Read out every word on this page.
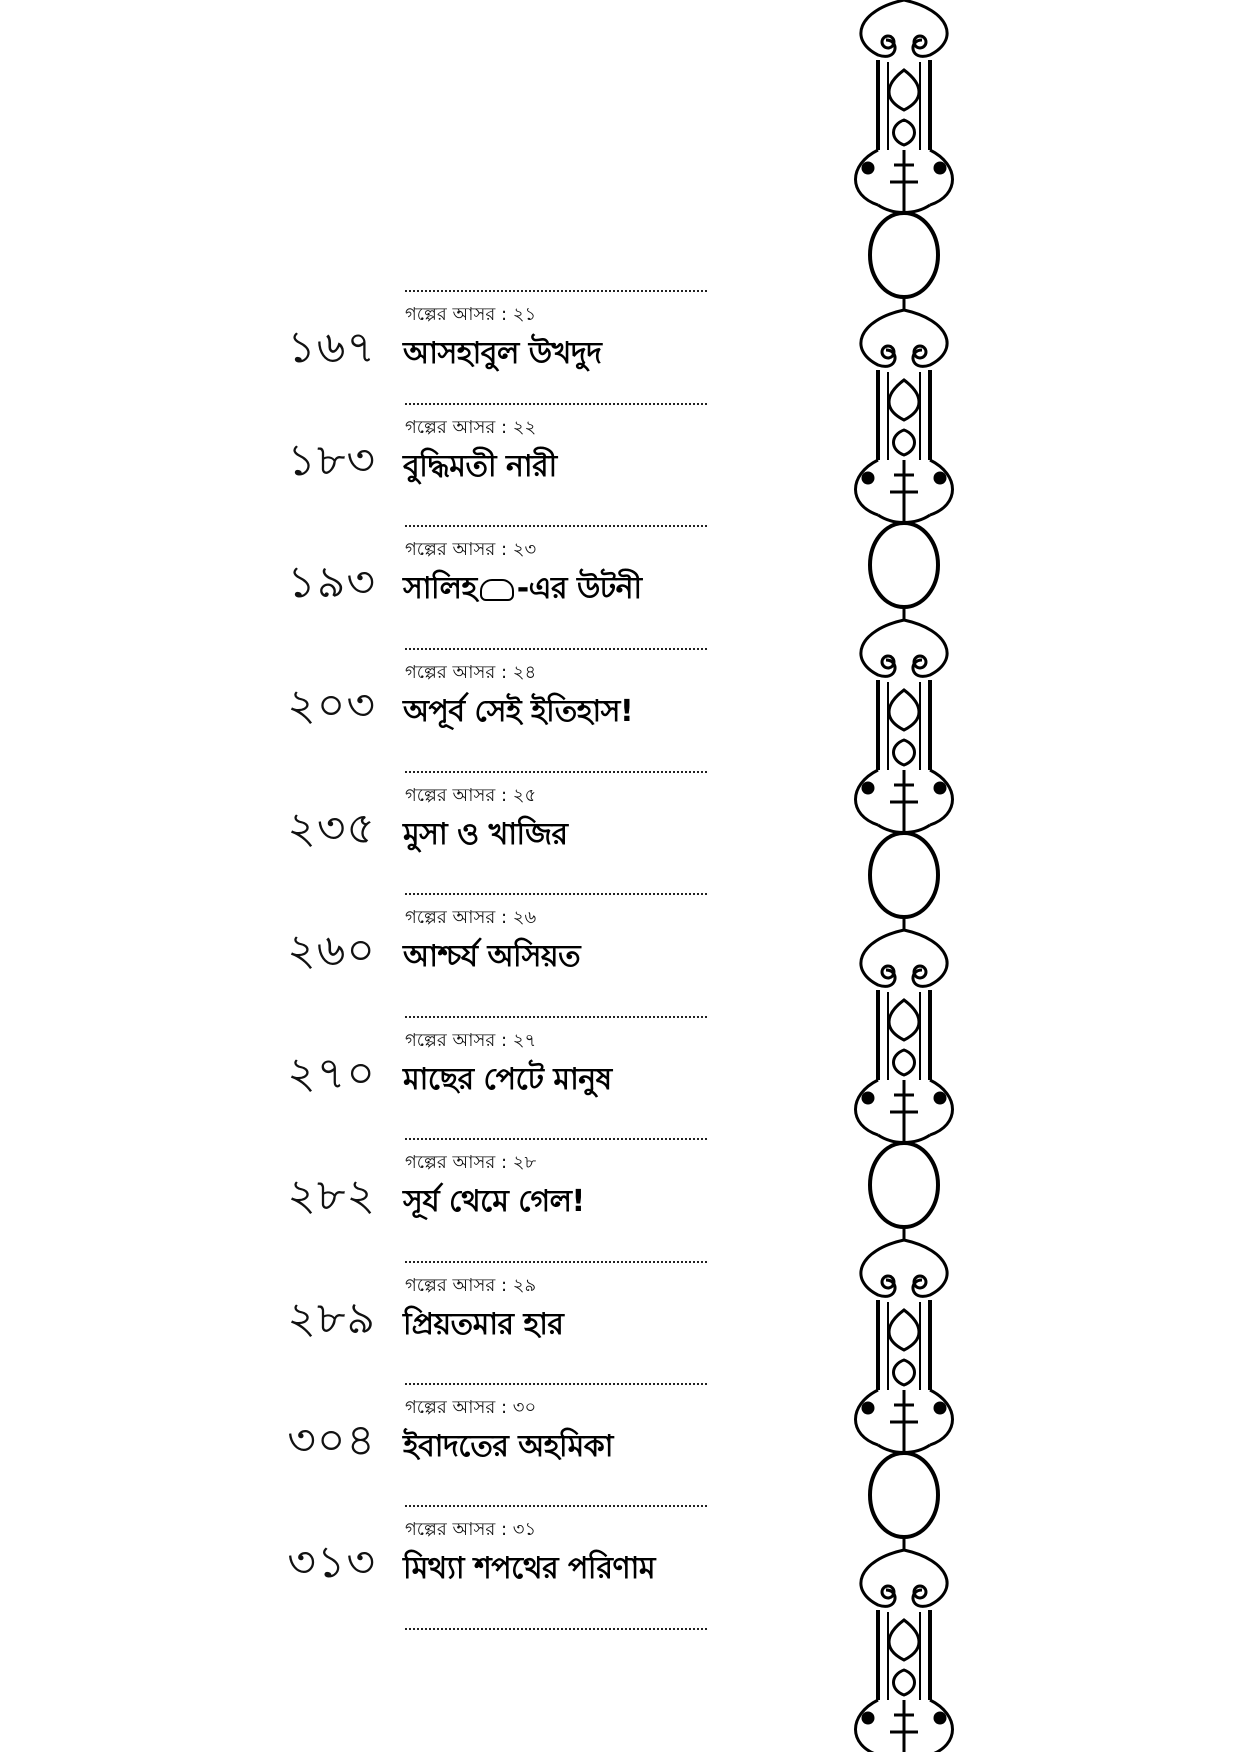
১৬৭
গল্পের আসর : ২১
আসহাবুল উখদুদ
১৮৩
গল্পের আসর : ২২
বুদ্ধিমতী নারী
১৯৩
গল্পের আসর : ২৩
সালিহ -এর উটনী
২০৩
গল্পের আসর : ২৪
অপূর্ব সেই ইতিহাস!
২৩৫
গল্পের আসর : ২৫
মুসা ও খাজির
২৬০
গল্পের আসর : ২৬
আশ্চর্য অসিয়ত
২৭০
গল্পের আসর : ২৭
মাছের পেটে মানুষ
২৮২
গল্পের আসর : ২৮
সূর্য থেমে গেল!
২৮৯
গল্পের আসর : ২৯
প্রিয়তমার হার
৩০৪
গল্পের আসর : ৩০
ইবাদতের অহমিকা
৩১৩
গল্পের আসর : ৩১
মিথ্যা শপথের পরিণাম
